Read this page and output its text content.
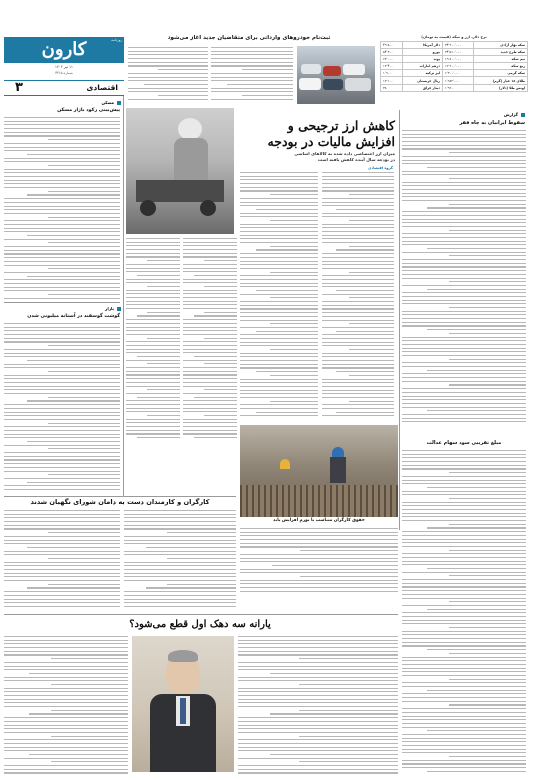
کارون	روزنامه
۱۱ تیر ۱۴۰۲
شماره ۴۳۱۵
۳	اقتصادی
ثبت‌نام خودروهای وارداتی برای متقاضیان جدید آغاز می‌شود	نرخ دلار، ارز و سکه (قیمت به تومان)
سکه بهار آزادی	۳۴٬۲۰۰٬۰۰۰	دلار آمریکا	۴۹٬۵۰۰
سکه طرح جدید	۳۴٬۵۱۰٬۰۰۰	یورو	۵۴٬۳۰۰
نیم سکه	۱۹٬۸۰۰٬۰۰۰	پوند	۶۳٬۰۰۰
ربع سکه	۱۲٬۹۰۰٬۰۰۰	درهم امارات	۱۳٬۴۰۰
سکه گرمی	۶٬۳۰۰٬۰۰۰	لیر ترکیه	۱٬۹۰۰
طلای ۱۸ عیار (گرم)	۱٬۹۸۲٬۰۰۰	ریال عربستان	۱۳٬۱۰۰
اونس طلا (دلار)	۱٬۹۲۰	دینار عراق	۳۸
گزارش
سقوط ایرانیان به چاه فقر
کاهش ارز ترجیحی و
افزایش مالیات در بودجه
میزان ارز اختصاصی داده شده به کالاهای اساسی
در بودجه سال آینده کاهش یافته است
گروه اقتصادی
مسکن
پیش‌بینی رکود بازار مسکن
بازار
گوشت گوسفند در آستانه میلیونی شدن
حقوق کارگران متناسب با تورم افزایش یابد
مبلغ تقریبی سود سهام عدالت
کارگران و کارمندان دست به دامان شورای نگهبان شدند
یارانه سه دهک اول قطع می‌شود؟
